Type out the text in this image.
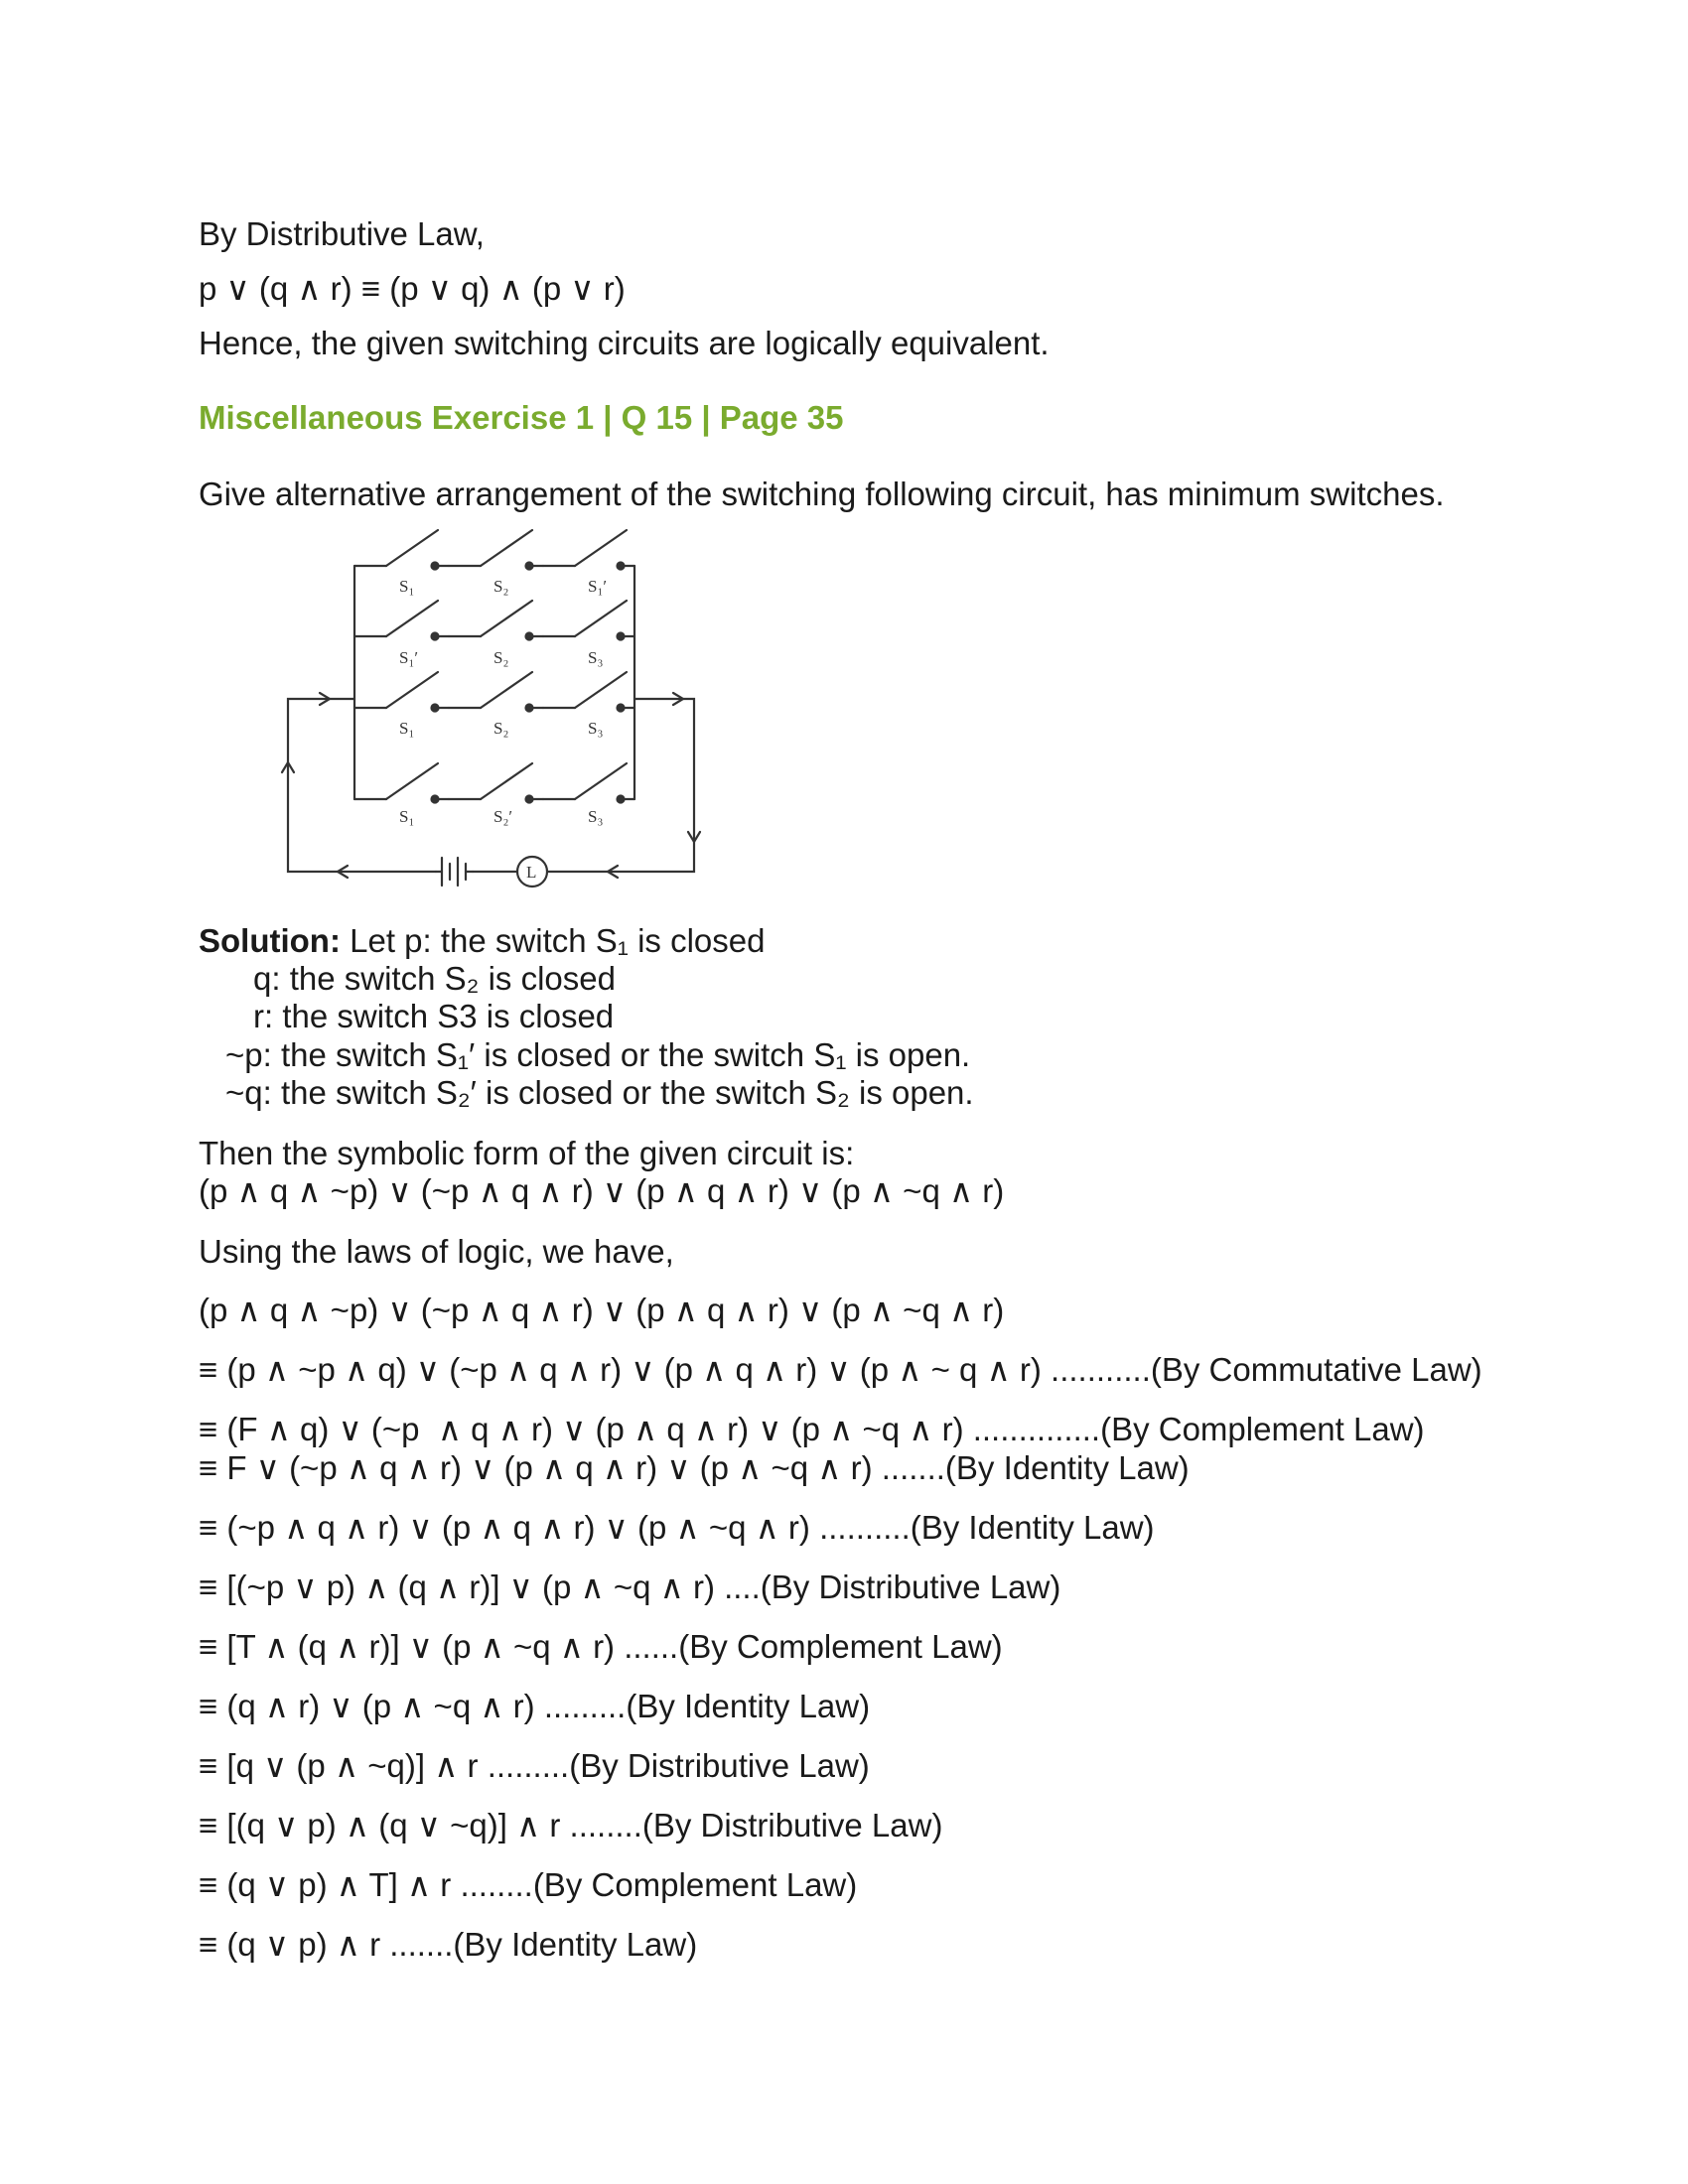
By Distributive Law,
p ∨ (q ∧ r) ≡ (p ∨ q) ∧ (p ∨ r)
Hence, the given switching circuits are logically equivalent.
Miscellaneous Exercise 1 | Q 15 | Page 35
Give alternative arrangement of the switching following circuit, has minimum switches.
L
S₁	S₂	S₁′
S₁′	S₂	S₃
S₁	S₂	S₃
S₁	S₂′	S₃
Solution: Let p: the switch S₁ is closed
q: the switch S₂ is closed
r: the switch S3 is closed
~p: the switch S₁′ is closed or the switch S₁ is open.
~q: the switch S₂′ is closed or the switch S₂ is open.
Then the symbolic form of the given circuit is:
(p ∧ q ∧ ~p) ∨ (~p ∧ q ∧ r) ∨ (p ∧ q ∧ r) ∨ (p ∧ ~q ∧ r)
Using the laws of logic, we have,
(p ∧ q ∧ ~p) ∨ (~p ∧ q ∧ r) ∨ (p ∧ q ∧ r) ∨ (p ∧ ~q ∧ r)
≡ (p ∧ ~p ∧ q) ∨ (~p ∧ q ∧ r) ∨ (p ∧ q ∧ r) ∨ (p ∧ ~ q ∧ r) ...........(By Commutative Law)
≡ (F ∧ q) ∨ (~p  ∧ q ∧ r) ∨ (p ∧ q ∧ r) ∨ (p ∧ ~q ∧ r) ..............(By Complement Law)
≡ F ∨ (~p ∧ q ∧ r) ∨ (p ∧ q ∧ r) ∨ (p ∧ ~q ∧ r) .......(By Identity Law)
≡ (~p ∧ q ∧ r) ∨ (p ∧ q ∧ r) ∨ (p ∧ ~q ∧ r) ..........(By Identity Law)
≡ [(~p ∨ p) ∧ (q ∧ r)] ∨ (p ∧ ~q ∧ r) ....(By Distributive Law)
≡ [T ∧ (q ∧ r)] ∨ (p ∧ ~q ∧ r) ......(By Complement Law)
≡ (q ∧ r) ∨ (p ∧ ~q ∧ r) .........(By Identity Law)
≡ [q ∨ (p ∧ ~q)] ∧ r .........(By Distributive Law)
≡ [(q ∨ p) ∧ (q ∨ ~q)] ∧ r ........(By Distributive Law)
≡ (q ∨ p) ∧ T] ∧ r ........(By Complement Law)
≡ (q ∨ p) ∧ r .......(By Identity Law)
